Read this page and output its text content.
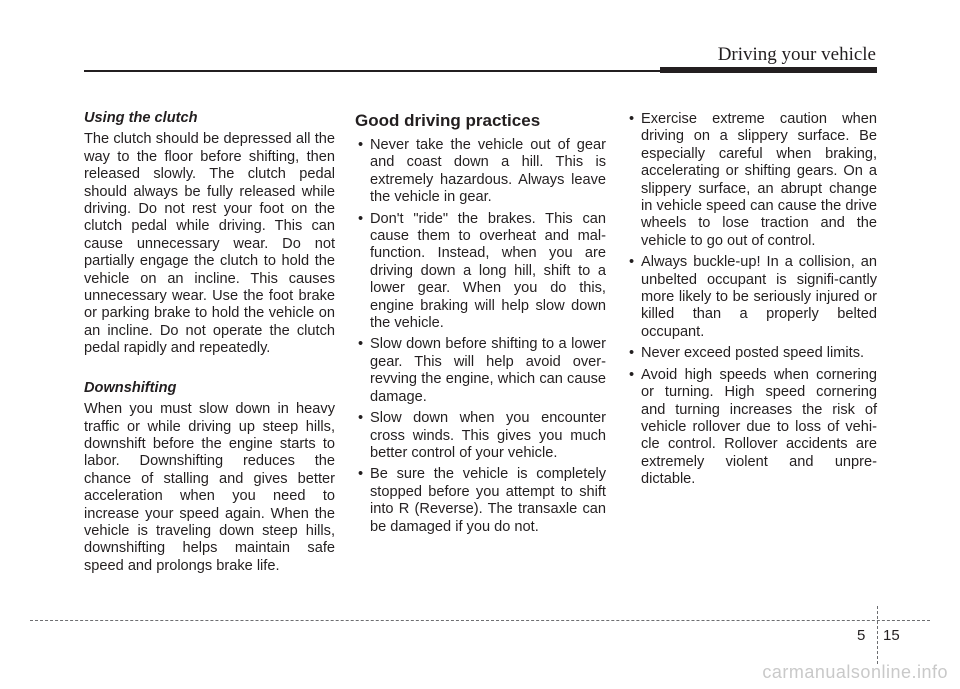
Driving your vehicle
Using the clutch

The clutch should be depressed all the way to the floor before shifting, then released slowly. The clutch pedal should always be fully released while driving. Do not rest your foot on the clutch pedal while driving. This can cause unnecessary wear. Do not partially engage the clutch to hold the vehicle on an incline. This causes unnecessary wear. Use the foot brake or parking brake to hold the vehicle on an incline. Do not operate the clutch pedal rapidly and repeatedly.

Downshifting

When you must slow down in heavy traffic or while driving up steep hills, downshift before the engine starts to labor. Downshifting reduces the chance of stalling and gives better acceleration when you need to increase your speed again. When the vehicle is traveling down steep hills, downshifting helps maintain safe speed and prolongs brake life.

Good driving practices
• Never take the vehicle out of gear and coast down a hill. This is extremely hazardous. Always leave the vehicle in gear.
• Don't "ride" the brakes. This can cause them to overheat and mal-function. Instead, when you are driving down a long hill, shift to a lower gear. When you do this, engine braking will help slow down the vehicle.
• Slow down before shifting to a lower gear. This will help avoid over-revving the engine, which can cause damage.
• Slow down when you encounter cross winds. This gives you much better control of your vehicle.
• Be sure the vehicle is completely stopped before you attempt to shift into R (Reverse). The transaxle can be damaged if you do not.
• Exercise extreme caution when driving on a slippery surface. Be especially careful when braking, accelerating or shifting gears. On a slippery surface, an abrupt change in vehicle speed can cause the drive wheels to lose traction and the vehicle to go out of control.
• Always buckle-up! In a collision, an unbelted occupant is signifi-cantly more likely to be seriously injured or killed than a properly belted occupant.
• Never exceed posted speed limits.
• Avoid high speeds when cornering or turning. High speed cornering and turning increases the risk of vehicle rollover due to loss of vehi-cle control. Rollover accidents are extremely violent and unpre-dictable.
5 15
carmanualsonline.info
